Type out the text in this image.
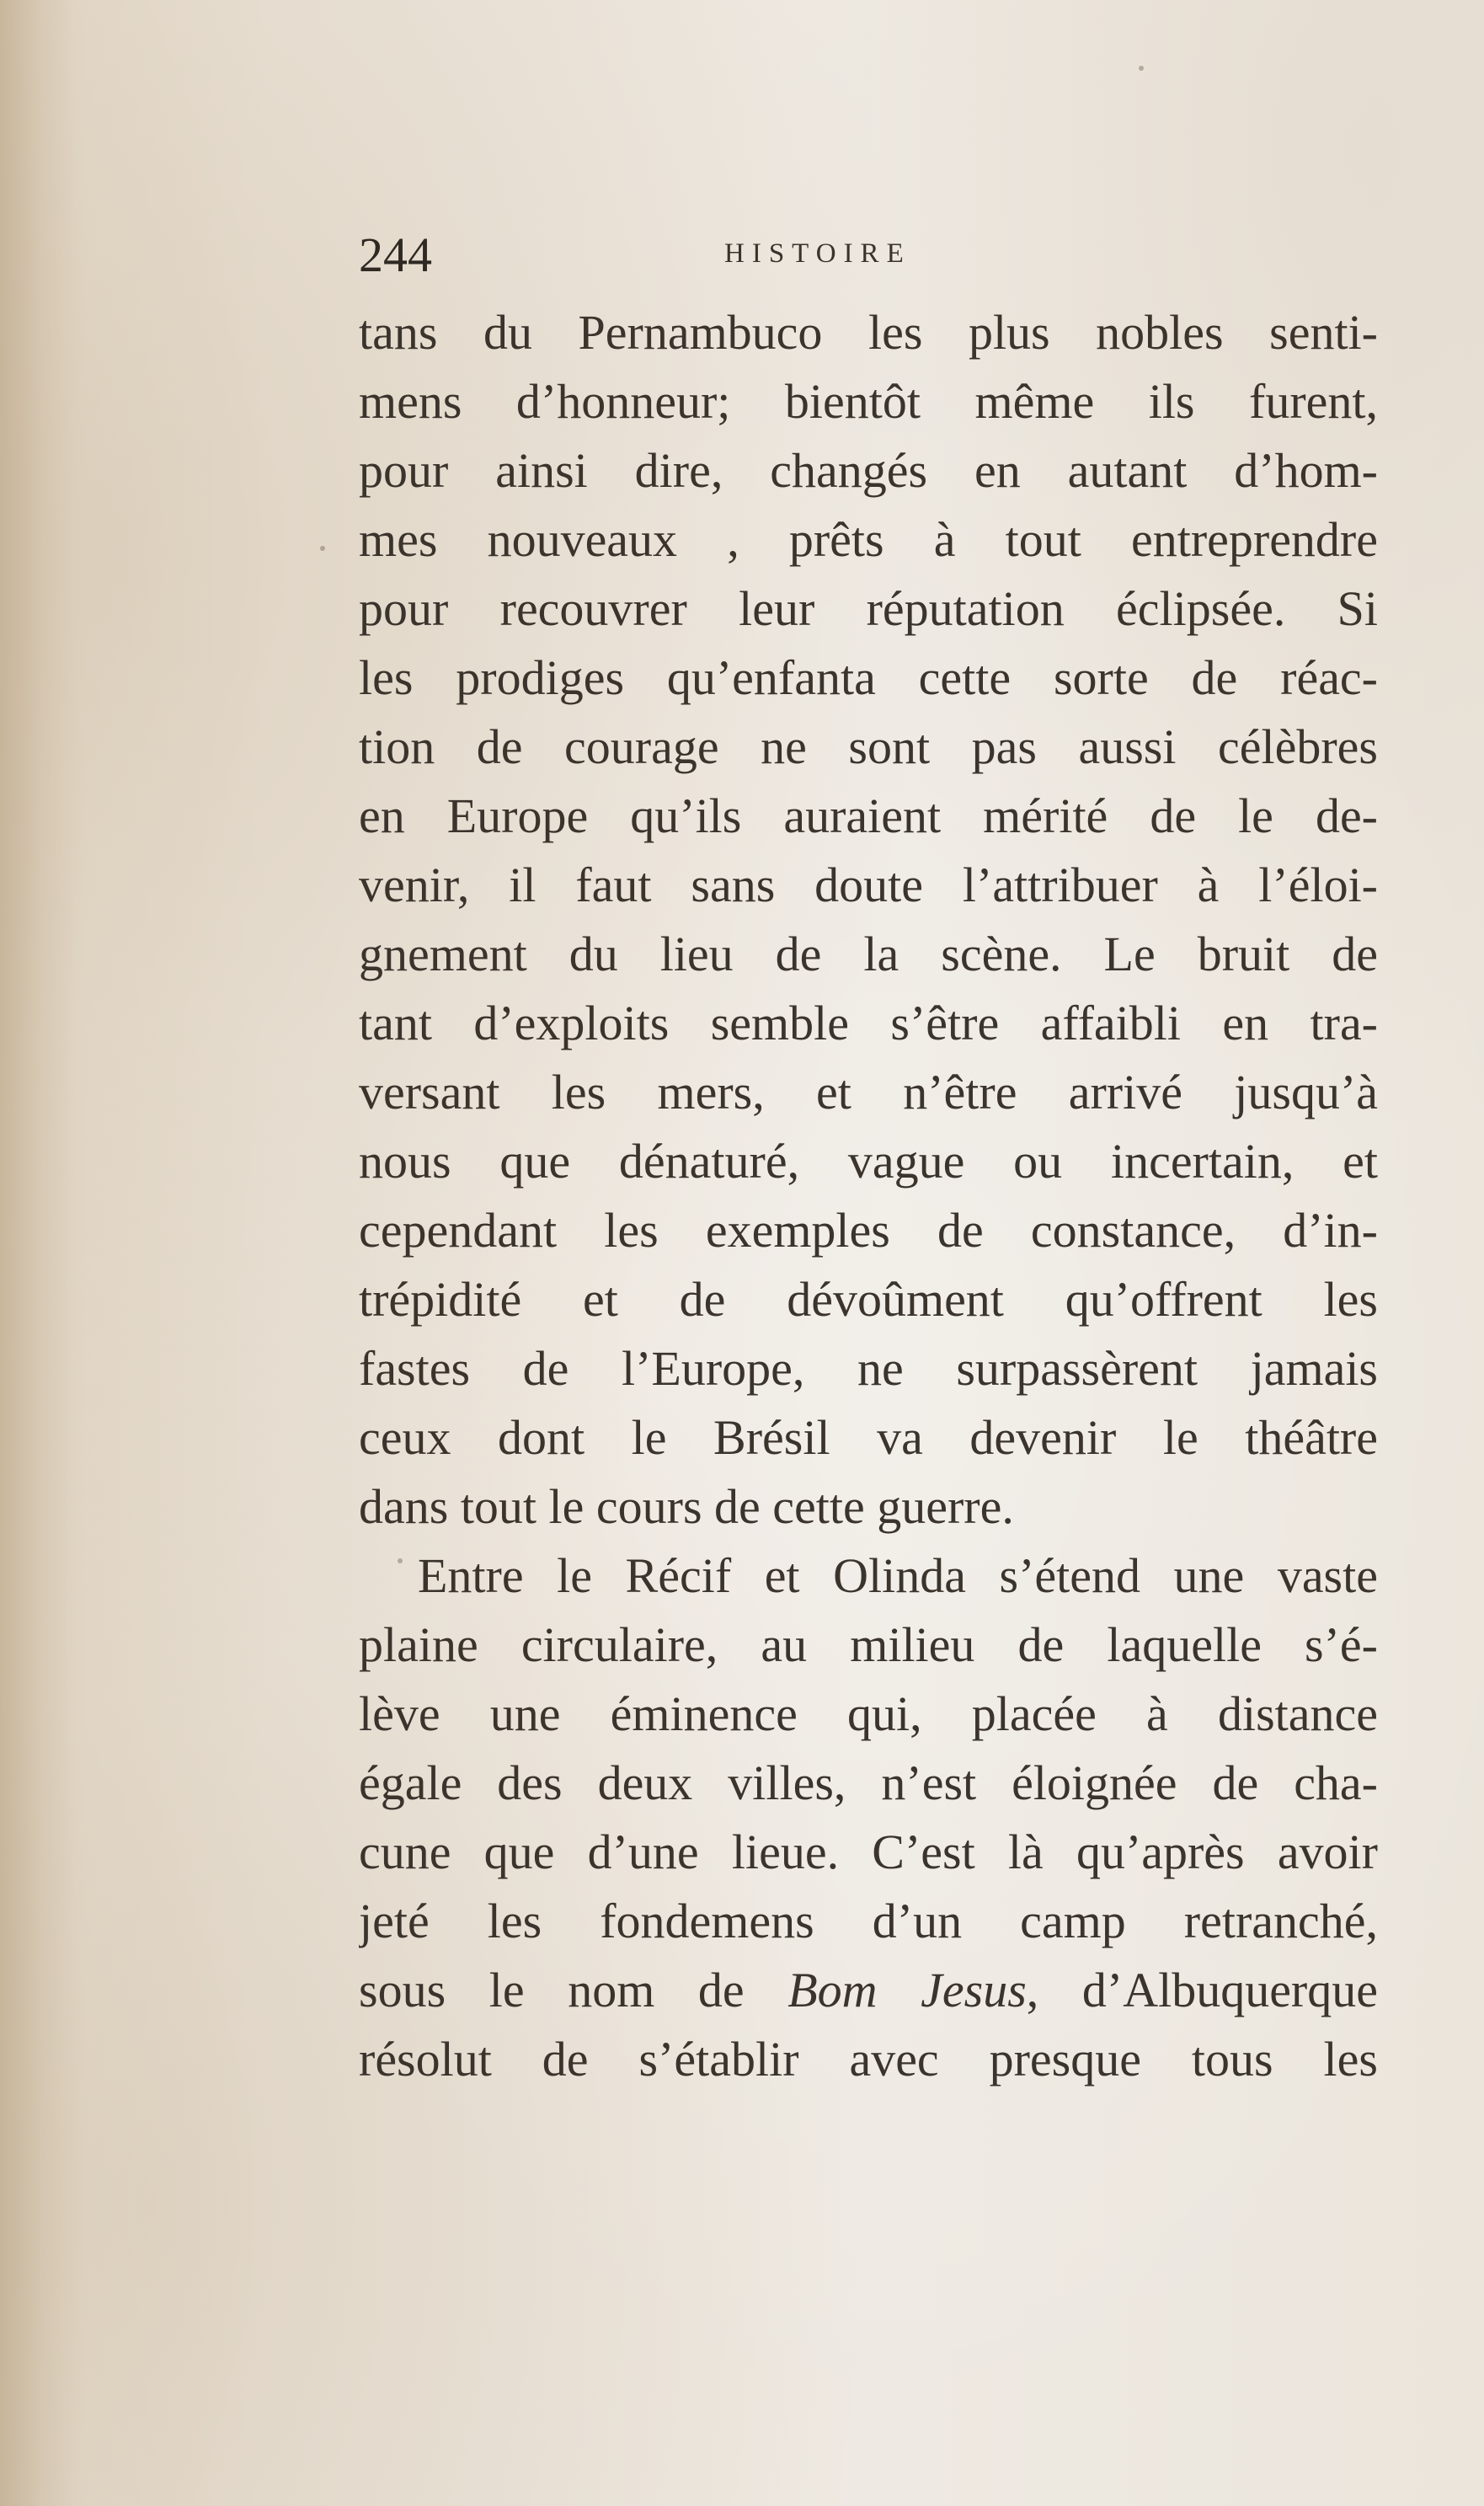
244	HISTOIRE
tans du Pernambuco les plus nobles senti-
mens d’honneur; bientôt même ils furent,
pour ainsi dire, changés en autant d’hom-
mes nouveaux , prêts à tout entreprendre
pour recouvrer leur réputation éclipsée. Si
les prodiges qu’enfanta cette sorte de réac-
tion de courage ne sont pas aussi célèbres
en Europe qu’ils auraient mérité de le de-
venir, il faut sans doute l’attribuer à l’éloi-
gnement du lieu de la scène. Le bruit de
tant d’exploits semble s’être affaibli en tra-
versant les mers, et n’être arrivé jusqu’à
nous que dénaturé, vague ou incertain, et
cependant les exemples de constance, d’in-
trépidité et de dévoûment qu’offrent les
fastes de l’Europe, ne surpassèrent jamais
ceux dont le Brésil va devenir le théâtre
dans tout le cours de cette guerre.
Entre le Récif et Olinda s’étend une vaste
plaine circulaire, au milieu de laquelle s’é-
lève une éminence qui, placée à distance
égale des deux villes, n’est éloignée de cha-
cune que d’une lieue. C’est là qu’après avoir
jeté les fondemens d’un camp retranché,
sous le nom de Bom Jesus, d’Albuquerque
résolut de s’établir avec presque tous les
